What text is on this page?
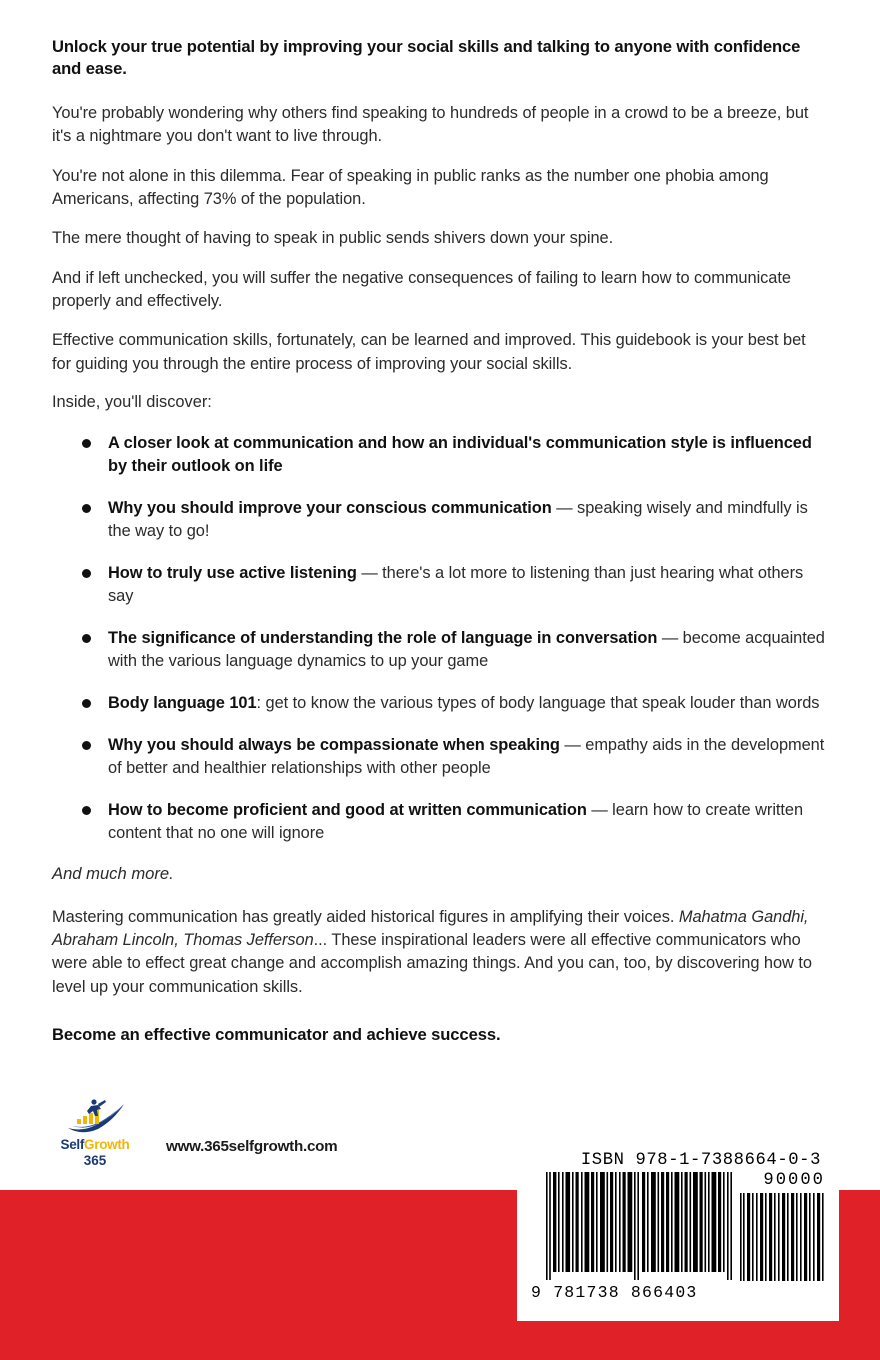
Unlock your true potential by improving your social skills and talking to anyone with confidence and ease.

You're probably wondering why others find speaking to hundreds of people in a crowd to be a breeze, but it's a nightmare you don't want to live through.

You're not alone in this dilemma. Fear of speaking in public ranks as the number one phobia among Americans, affecting 73% of the population.

The mere thought of having to speak in public sends shivers down your spine.

And if left unchecked, you will suffer the negative consequences of failing to learn how to communicate properly and effectively.

Effective communication skills, fortunately, can be learned and improved. This guidebook is your best bet for guiding you through the entire process of improving your social skills.

Inside, you'll discover:

A closer look at communication and how an individual's communication style is influenced by their outlook on life
Why you should improve your conscious communication — speaking wisely and mindfully is the way to go!
How to truly use active listening — there's a lot more to listening than just hearing what others say
The significance of understanding the role of language in conversation — become acquainted with the various language dynamics to up your game
Body language 101: get to know the various types of body language that speak louder than words
Why you should always be compassionate when speaking — empathy aids in the development of better and healthier relationships with other people
How to become proficient and good at written communication — learn how to create written content that no one will ignore

And much more.

Mastering communication has greatly aided historical figures in amplifying their voices. Mahatma Gandhi, Abraham Lincoln, Thomas Jefferson... These inspirational leaders were all effective communicators who were able to effect great change and accomplish amazing things. And you can, too, by discovering how to level up your communication skills.

Become an effective communicator and achieve success.

SelfGrowth
365
www.365selfgrowth.com
ISBN 978-1-7388664-0-3
90000
9 781738 866403
